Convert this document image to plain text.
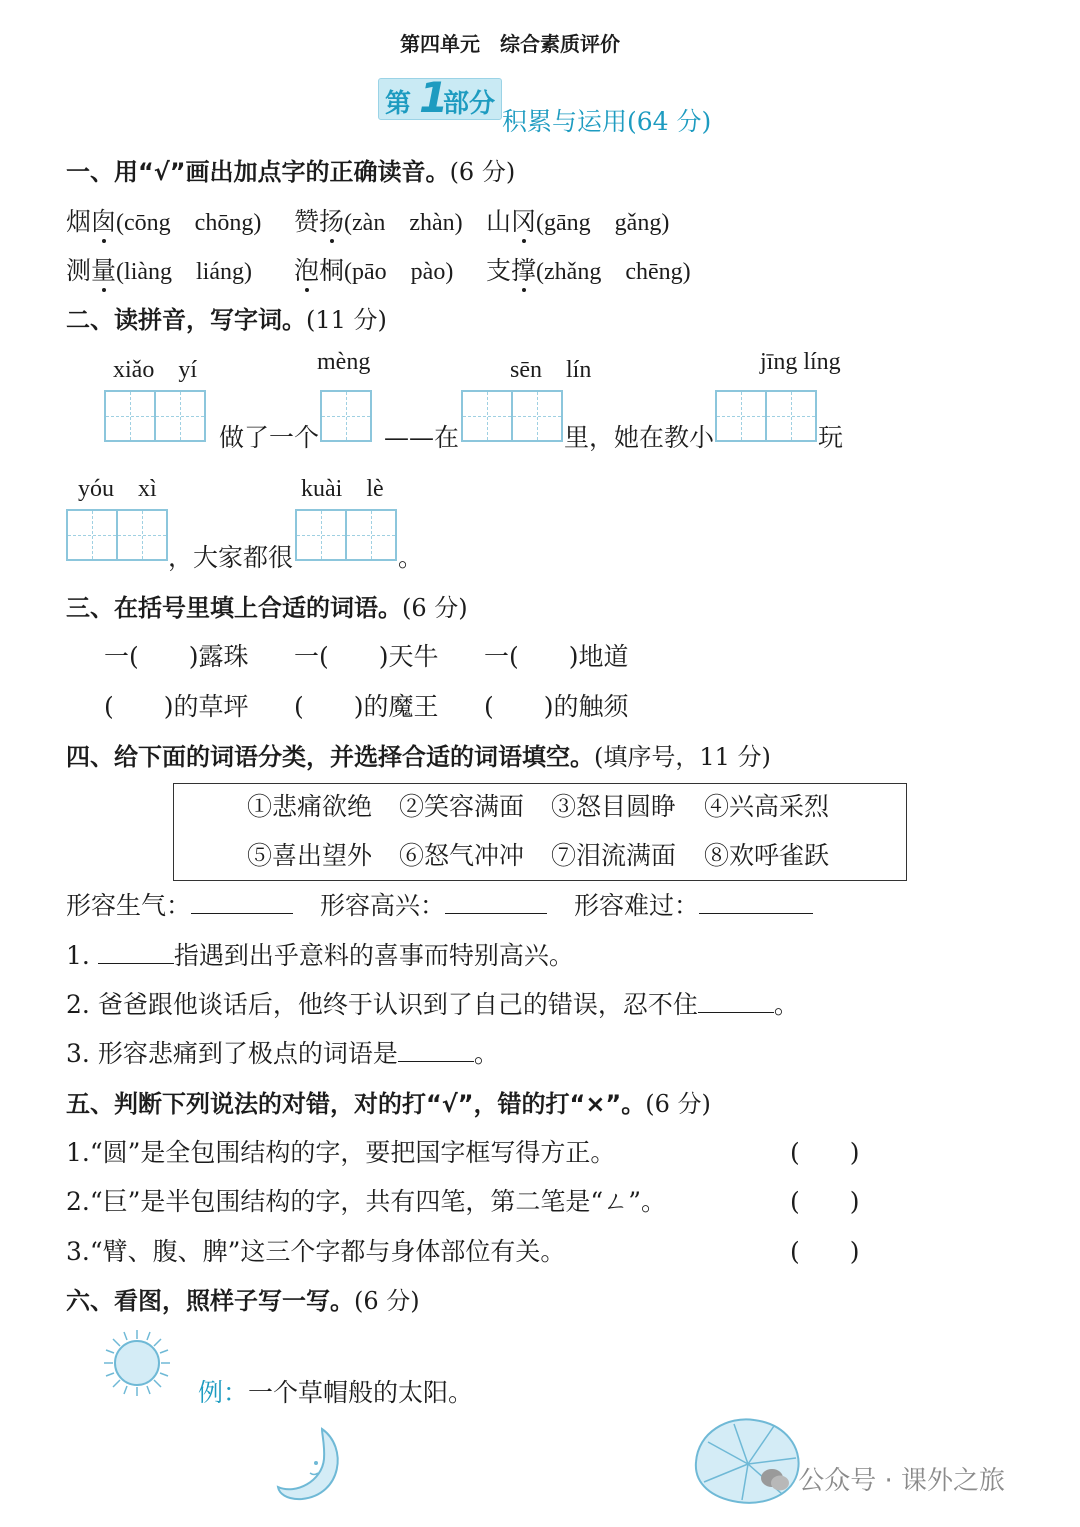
第四单元　综合素质评价
第 1
部分
积累与运用(64 分)
一、用“√”画出加点字的正确读音。(6 分)
烟囱(cōng　chōng) 赞扬(zàn　zhàn) 山冈(gāng　gǎng)
测量(liàng　liáng) 泡桐(pāo　pào) 支撑(zhǎng　chēng)
二、读拼音，写字词。(11 分)
xiǎo　yí	mèng	sēn　lín	jīng líng
做了一个	——在	里，她在教小	玩
yóu　xì	kuài　lè
，大家都很	。
三、在括号里填上合适的词语。(6 分)
一(　　)露珠 一(　　)天牛 一(　　)地道
(　　)的草坪 (　　)的魔王 (　　)的触须
四、给下面的词语分类，并选择合适的词语填空。(填序号，11 分)
①悲痛欲绝 ②笑容满面 ③怒目圆睁 ④兴高采烈
⑤喜出望外 ⑥怒气冲冲 ⑦泪流满面 ⑧欢呼雀跃
形容生气：	形容高兴：	形容难过：
1.	指遇到出乎意料的喜事而特别高兴。
2. 爸爸跟他谈话后，他终于认识到了自己的错误，忍不住	。
3. 形容悲痛到了极点的词语是	。
五、判断下列说法的对错，对的打“√”，错的打“×”。(6 分)
1.“圆”是全包围结构的字，要把国字框写得方正。	(　　)
2.“巨”是半包围结构的字，共有四笔，第二笔是“ㄥ”。	(　　)
3.“臂、腹、脾”这三个字都与身体部位有关。	(　　)
六、看图，照样子写一写。(6 分)
例：一个草帽般的太阳。
公众号 · 课外之旅
